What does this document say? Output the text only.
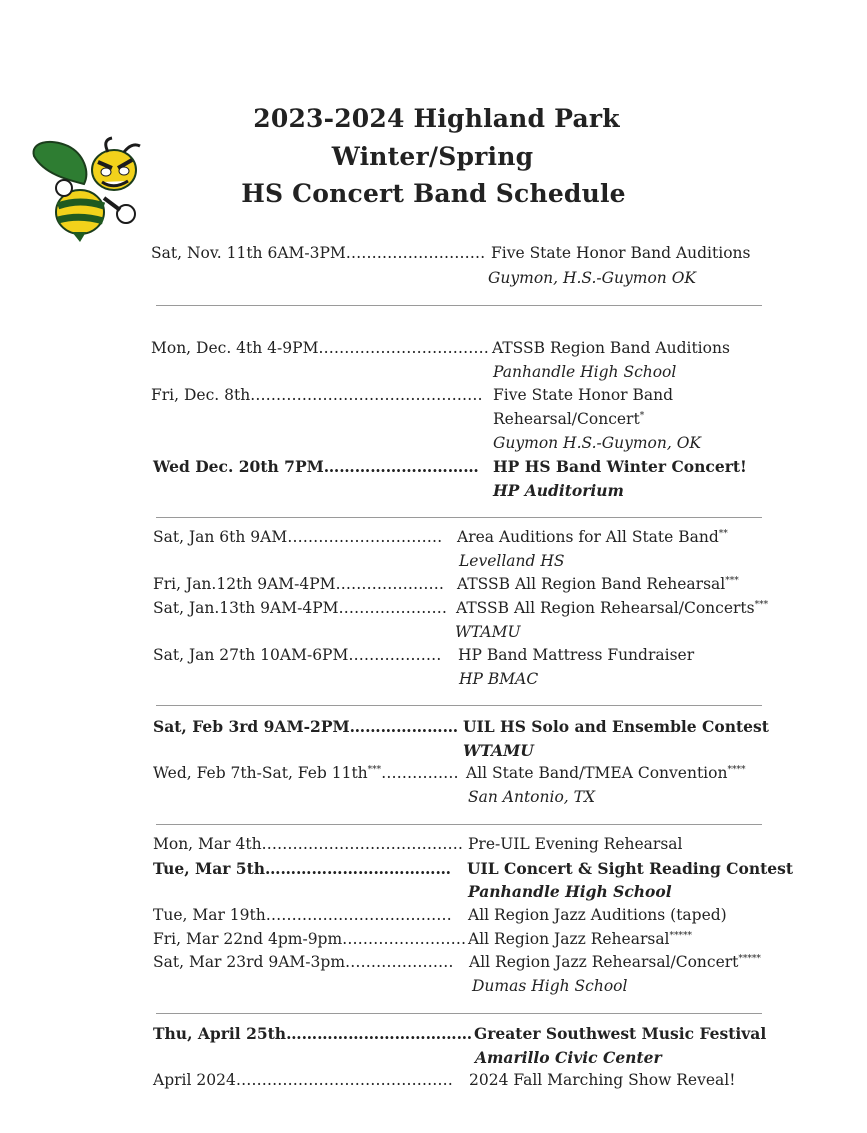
2023-2024 Highland Park
Winter/Spring
HS Concert Band Schedule
Sat, Nov. 11th 6AM-3PM……………………… Five State Honor Band Auditions
Guymon, H.S.-Guymon OK
Mon, Dec. 4th 4-9PM…………………………… ATSSB Region Band Auditions
Panhandle High School
Fri, Dec. 8th……………………………………… Five State Honor Band
Rehearsal/Concert*
Guymon H.S.-Guymon, OK
Wed Dec. 20th 7PM………………………… HP HS Band Winter Concert!
HP Auditorium
Sat, Jan 6th 9AM………………………… Area Auditions for All State Band**
Levelland HS
Fri, Jan.12th 9AM-4PM………………… ATSSB All Region Band Rehearsal***
Sat, Jan.13th 9AM-4PM………………… ATSSB All Region Rehearsal/Concerts***
WTAMU
Sat, Jan 27th 10AM-6PM……………… HP Band Mattress Fundraiser
HP BMAC
Sat, Feb 3rd 9AM-2PM………………… UIL HS Solo and Ensemble Contest
WTAMU
Wed, Feb 7th-Sat, Feb 11th***…………… All State Band/TMEA Convention****
San Antonio, TX
Mon, Mar 4th………………………………… Pre-UIL Evening Rehearsal
Tue, Mar 5th……………………………… UIL Concert & Sight Reading Contest
Panhandle High School
Tue, Mar 19th……………………………… All Region Jazz Auditions (taped)
Fri, Mar 22nd 4pm-9pm…………………… All Region Jazz Rehearsal*****
Sat, Mar 23rd 9AM-3pm………………… All Region Jazz Rehearsal/Concert*****
Dumas High School
Thu, April 25th……………………………… Greater Southwest Music Festival
Amarillo Civic Center
April 2024…………………………………… 2024 Fall Marching Show Reveal!
